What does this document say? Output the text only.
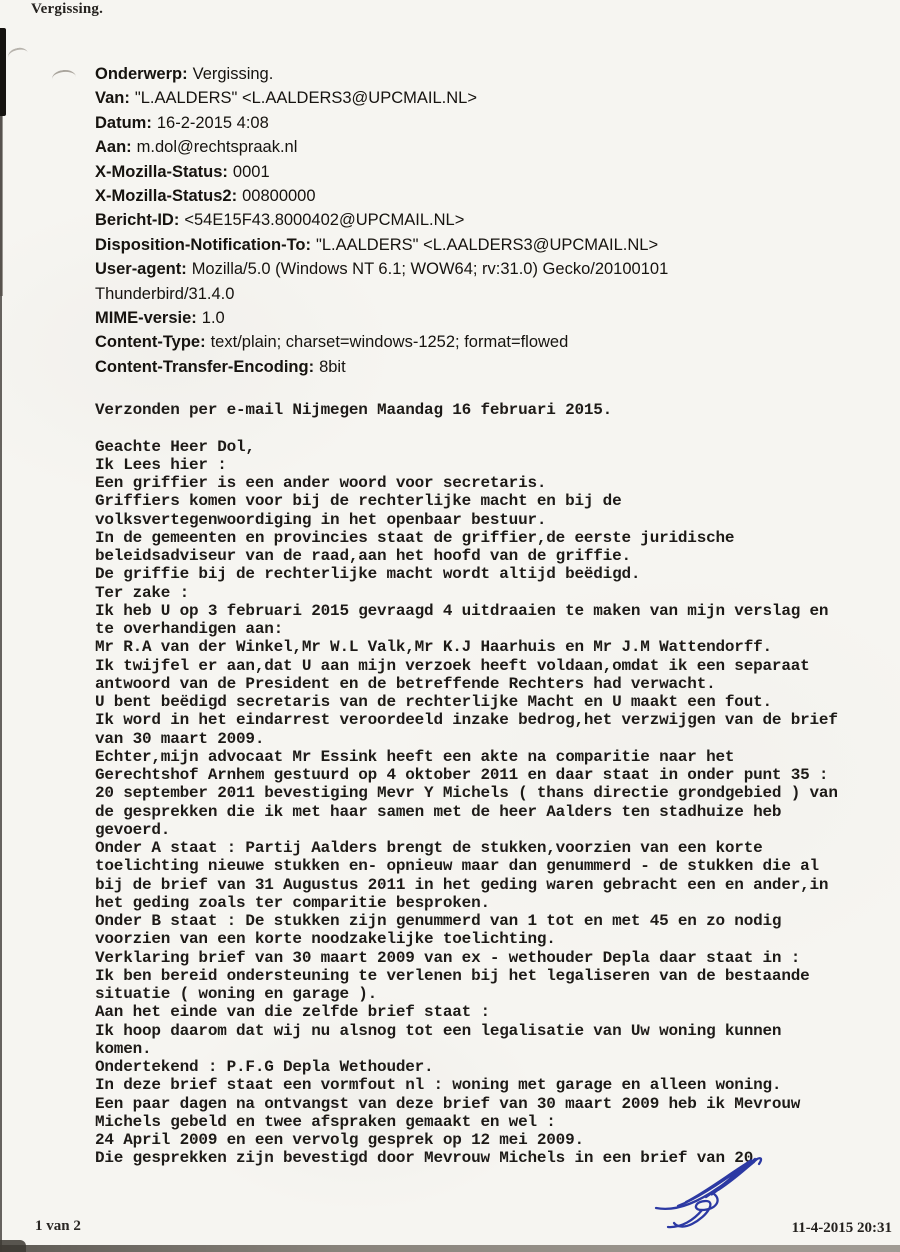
Vergissing.
Onderwerp: Vergissing.
Van: "L.AALDERS" <L.AALDERS3@UPCMAIL.NL>
Datum: 16-2-2015 4:08
Aan: m.dol@rechtspraak.nl
X-Mozilla-Status: 0001
X-Mozilla-Status2: 00800000
Bericht-ID: <54E15F43.8000402@UPCMAIL.NL>
Disposition-Notification-To: "L.AALDERS" <L.AALDERS3@UPCMAIL.NL>
User-agent: Mozilla/5.0 (Windows NT 6.1; WOW64; rv:31.0) Gecko/20100101 Thunderbird/31.4.0
MIME-versie: 1.0
Content-Type: text/plain; charset=windows-1252; format=flowed
Content-Transfer-Encoding: 8bit
Verzonden per e-mail Nijmegen Maandag 16 februari 2015.

Geachte Heer Dol,
Ik Lees hier :
Een griffier is een ander woord voor secretaris.
Griffiers komen voor bij de rechterlijke macht en bij de
volksvertegenwoordiging in het openbaar bestuur.
In de gemeenten en provincies staat de griffier,de eerste juridische
beleidsadviseur van de raad,aan het hoofd van de griffie.
De griffie bij de rechterlijke macht wordt altijd beëdigd.
Ter zake :
Ik heb U op 3 februari 2015 gevraagd 4 uitdraaien te maken van mijn verslag en
te overhandigen aan:
Mr R.A van der Winkel,Mr W.L Valk,Mr K.J Haarhuis en Mr J.M Wattendorff.
Ik twijfel er aan,dat U aan mijn verzoek heeft voldaan,omdat ik een separaat
antwoord van de President en de betreffende Rechters had verwacht.
U bent beëdigd secretaris van de rechterlijke Macht en U maakt een fout.
Ik word in het eindarrest veroordeeld inzake bedrog,het verzwijgen van de brief
van 30 maart 2009.
Echter,mijn advocaat Mr Essink heeft een akte na comparitie naar het
Gerechtshof Arnhem gestuurd op 4 oktober 2011 en daar staat in onder punt 35 :
20 september 2011 bevestiging Mevr Y Michels ( thans directie grondgebied ) van
de gesprekken die ik met haar samen met de heer Aalders ten stadhuize heb
gevoerd.
Onder A staat : Partij Aalders brengt de stukken,voorzien van een korte
toelichting nieuwe stukken en- opnieuw maar dan genummerd - de stukken die al
bij de brief van 31 Augustus 2011 in het geding waren gebracht een en ander,in
het geding zoals ter comparitie besproken.
Onder B staat : De stukken zijn genummerd van 1 tot en met 45 en zo nodig
voorzien van een korte noodzakelijke toelichting.
Verklaring brief van 30 maart 2009 van ex - wethouder Depla daar staat in :
Ik ben bereid ondersteuning te verlenen bij het legaliseren van de bestaande
situatie ( woning en garage ).
Aan het einde van die zelfde brief staat :
Ik hoop daarom dat wij nu alsnog tot een legalisatie van Uw woning kunnen
komen.
Ondertekend : P.F.G Depla Wethouder.
In deze brief staat een vormfout nl : woning met garage en alleen woning.
Een paar dagen na ontvangst van deze brief van 30 maart 2009 heb ik Mevrouw
Michels gebeld en twee afspraken gemaakt en wel :
24 April 2009 en een vervolg gesprek op 12 mei 2009.
Die gesprekken zijn bevestigd door Mevrouw Michels in een brief van 20
1 van 2	11-4-2015 20:31
